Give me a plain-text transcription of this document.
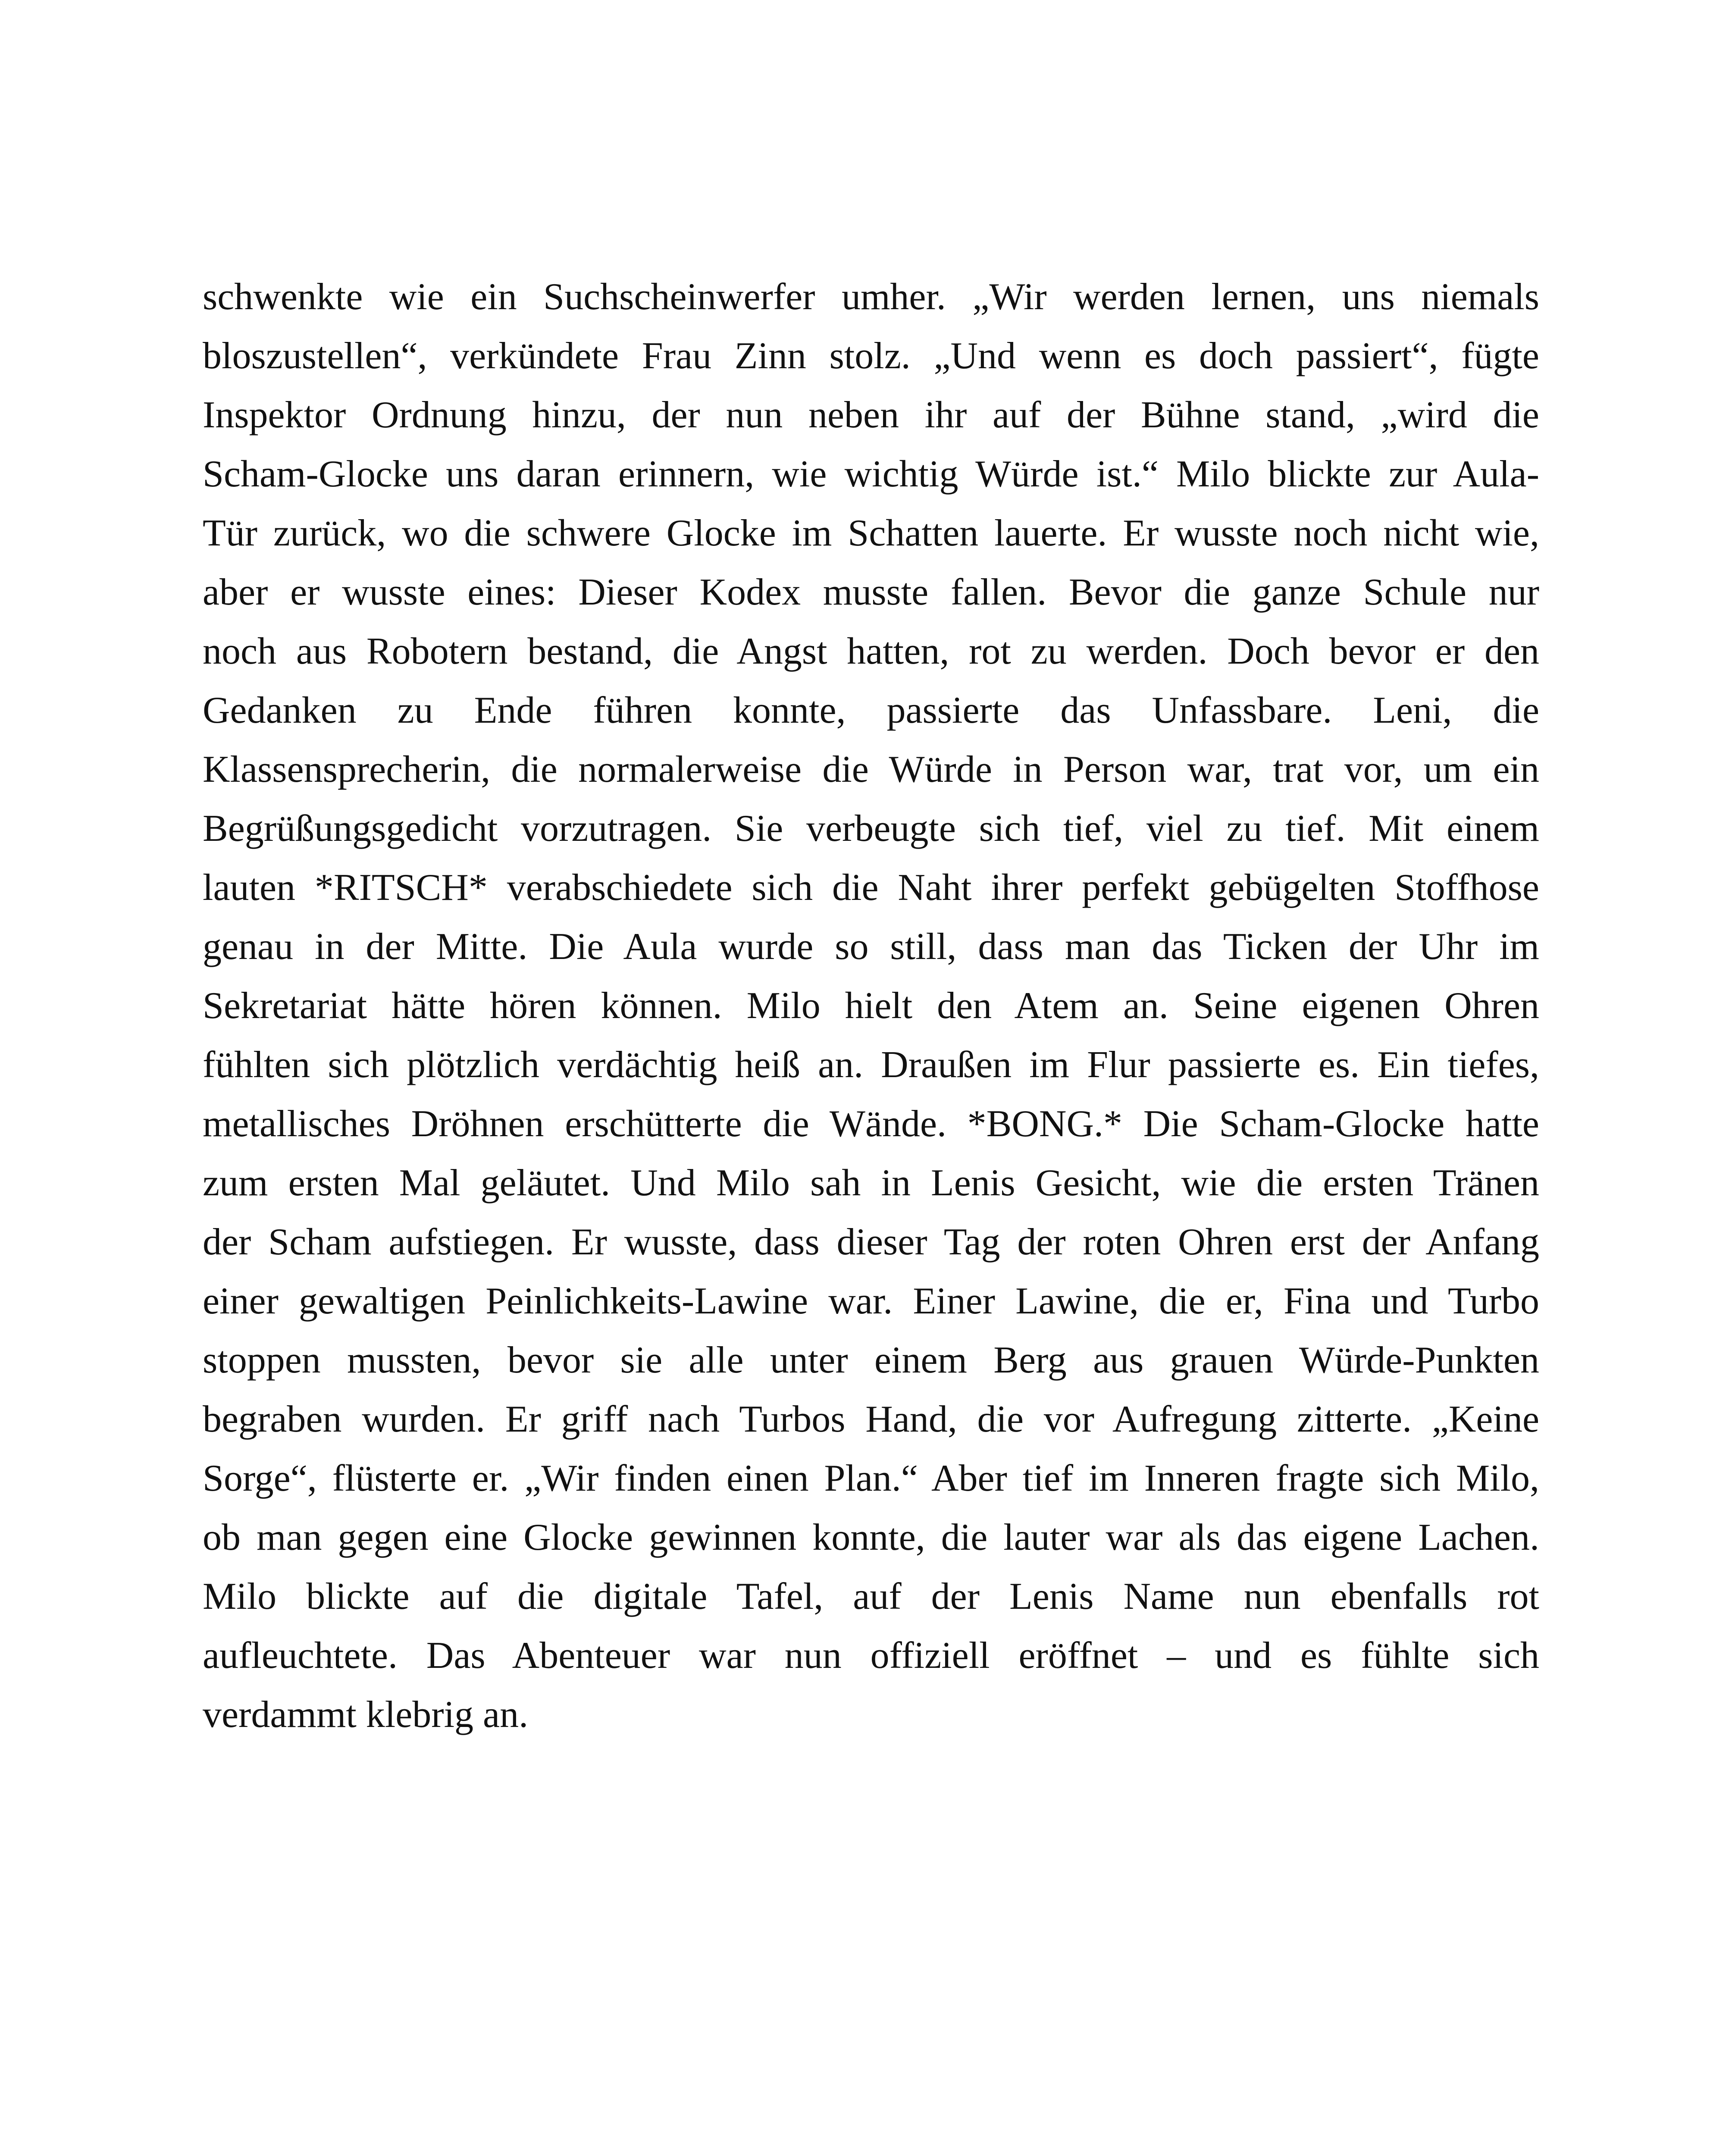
schwenkte wie ein Suchscheinwerfer umher. „Wir werden lernen, uns niemals
bloszustellen“, verkündete Frau Zinn stolz. „Und wenn es doch passiert“, fügte
Inspektor Ordnung hinzu, der nun neben ihr auf der Bühne stand, „wird die
Scham-Glocke uns daran erinnern, wie wichtig Würde ist.“ Milo blickte zur Aula-
Tür zurück, wo die schwere Glocke im Schatten lauerte. Er wusste noch nicht wie,
aber er wusste eines: Dieser Kodex musste fallen. Bevor die ganze Schule nur
noch aus Robotern bestand, die Angst hatten, rot zu werden. Doch bevor er den
Gedanken zu Ende führen konnte, passierte das Unfassbare. Leni, die
Klassensprecherin, die normalerweise die Würde in Person war, trat vor, um ein
Begrüßungsgedicht vorzutragen. Sie verbeugte sich tief, viel zu tief. Mit einem
lauten *RITSCH* verabschiedete sich die Naht ihrer perfekt gebügelten Stoffhose
genau in der Mitte. Die Aula wurde so still, dass man das Ticken der Uhr im
Sekretariat hätte hören können. Milo hielt den Atem an. Seine eigenen Ohren
fühlten sich plötzlich verdächtig heiß an. Draußen im Flur passierte es. Ein tiefes,
metallisches Dröhnen erschütterte die Wände. *BONG.* Die Scham-Glocke hatte
zum ersten Mal geläutet. Und Milo sah in Lenis Gesicht, wie die ersten Tränen
der Scham aufstiegen. Er wusste, dass dieser Tag der roten Ohren erst der Anfang
einer gewaltigen Peinlichkeits-Lawine war. Einer Lawine, die er, Fina und Turbo
stoppen mussten, bevor sie alle unter einem Berg aus grauen Würde-Punkten
begraben wurden. Er griff nach Turbos Hand, die vor Aufregung zitterte. „Keine
Sorge“, flüsterte er. „Wir finden einen Plan.“ Aber tief im Inneren fragte sich Milo,
ob man gegen eine Glocke gewinnen konnte, die lauter war als das eigene Lachen.
Milo blickte auf die digitale Tafel, auf der Lenis Name nun ebenfalls rot
aufleuchtete. Das Abenteuer war nun offiziell eröffnet – und es fühlte sich
verdammt klebrig an.
